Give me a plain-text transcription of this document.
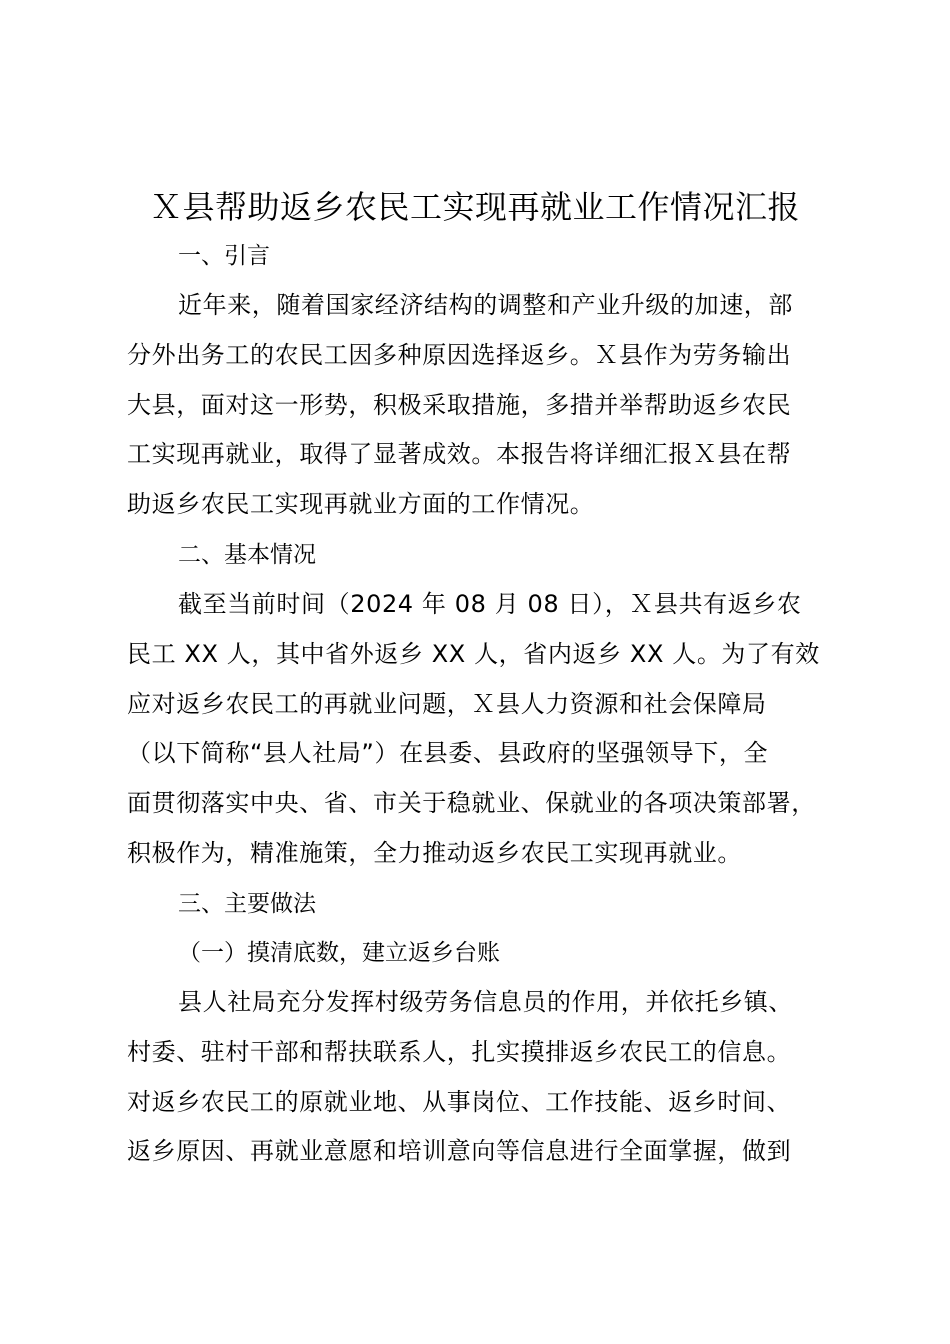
Ｘ县帮助返乡农民工实现再就业工作情况汇报
一、引言
近年来，随着国家经济结构的调整和产业升级的加速，部
分外出务工的农民工因多种原因选择返乡。Ｘ县作为劳务输出
大县，面对这一形势，积极采取措施，多措并举帮助返乡农民
工实现再就业，取得了显著成效。本报告将详细汇报Ｘ县在帮
助返乡农民工实现再就业方面的工作情况。
二、基本情况
截至当前时间（2024 年 08 月 08 日），Ｘ县共有返乡农
民工 XX 人，其中省外返乡 XX 人，省内返乡 XX 人。为了有效
应对返乡农民工的再就业问题，Ｘ县人力资源和社会保障局
（以下简称“县人社局”）在县委、县政府的坚强领导下，全
面贯彻落实中央、省、市关于稳就业、保就业的各项决策部署，
积极作为，精准施策，全力推动返乡农民工实现再就业。
三、主要做法
（一）摸清底数，建立返乡台账
县人社局充分发挥村级劳务信息员的作用，并依托乡镇、
村委、驻村干部和帮扶联系人，扎实摸排返乡农民工的信息。
对返乡农民工的原就业地、从事岗位、工作技能、返乡时间、
返乡原因、再就业意愿和培训意向等信息进行全面掌握，做到
